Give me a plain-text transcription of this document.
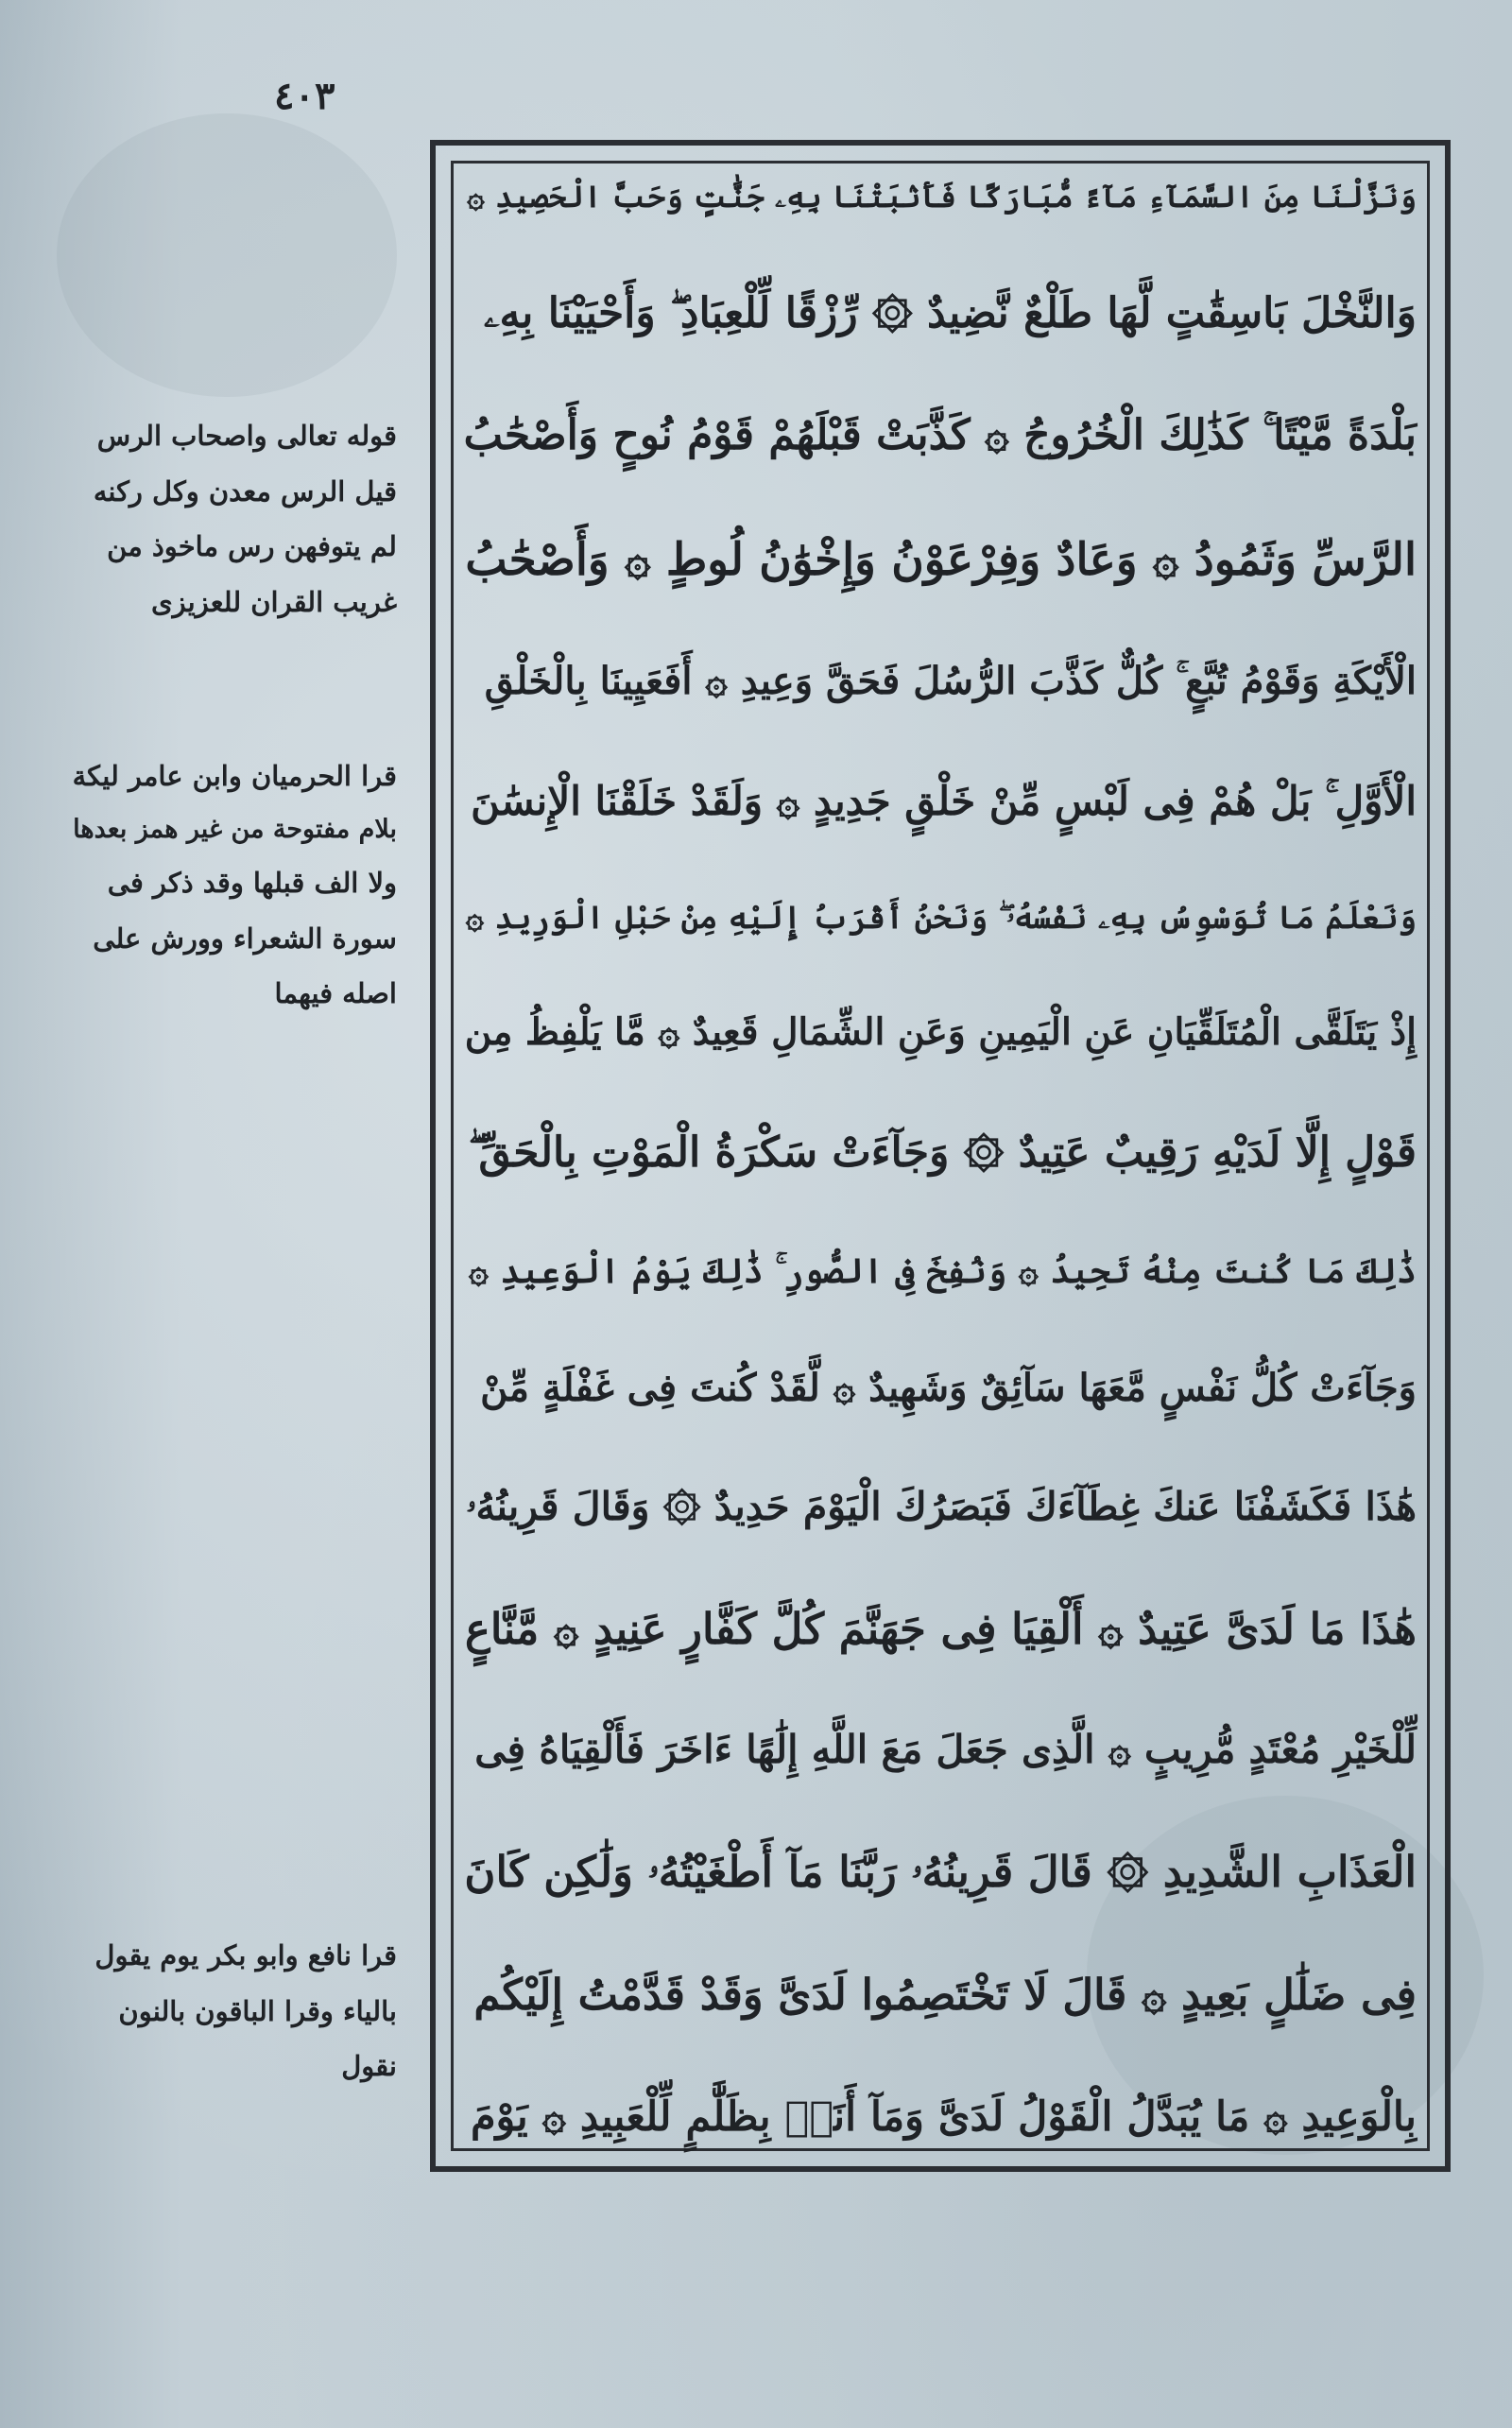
٤٠٣
وَنَزَّلْنَا مِنَ السَّمَآءِ مَآءً مُّبَارَكًا فَأَنۢبَتْنَا بِهِۦ جَنَّٰتٍ وَحَبَّ الْحَصِيدِ ۞
وَالنَّخْلَ بَاسِقَٰتٍ لَّهَا طَلْعٌ نَّضِيدٌ ۞ رِّزْقًا لِّلْعِبَادِ ۖ وَأَحْيَيْنَا بِهِۦ
بَلْدَةً مَّيْتًا ۚ كَذَٰلِكَ الْخُرُوجُ ۞ كَذَّبَتْ قَبْلَهُمْ قَوْمُ نُوحٍ وَأَصْحَٰبُ
الرَّسِّ وَثَمُودُ ۞ وَعَادٌ وَفِرْعَوْنُ وَإِخْوَٰنُ لُوطٍ ۞ وَأَصْحَٰبُ
الْأَيْكَةِ وَقَوْمُ تُبَّعٍ ۚ كُلٌّ كَذَّبَ الرُّسُلَ فَحَقَّ وَعِيدِ ۞ أَفَعَيِينَا بِالْخَلْقِ
الْأَوَّلِ ۚ بَلْ هُمْ فِى لَبْسٍ مِّنْ خَلْقٍ جَدِيدٍ ۞ وَلَقَدْ خَلَقْنَا الْإِنسَٰنَ
وَنَعْلَمُ مَا تُوَسْوِسُ بِهِۦ نَفْسُهُۥ ۖ وَنَحْنُ أَقْرَبُ إِلَيْهِ مِنْ حَبْلِ الْوَرِيدِ ۞
إِذْ يَتَلَقَّى الْمُتَلَقِّيَانِ عَنِ الْيَمِينِ وَعَنِ الشِّمَالِ قَعِيدٌ ۞ مَّا يَلْفِظُ مِن
قَوْلٍ إِلَّا لَدَيْهِ رَقِيبٌ عَتِيدٌ ۞ وَجَآءَتْ سَكْرَةُ الْمَوْتِ بِالْحَقِّ ۖ
ذَٰلِكَ مَا كُنتَ مِنْهُ تَحِيدُ ۞ وَنُفِخَ فِى الصُّورِ ۚ ذَٰلِكَ يَوْمُ الْوَعِيدِ ۞
وَجَآءَتْ كُلُّ نَفْسٍ مَّعَهَا سَآئِقٌ وَشَهِيدٌ ۞ لَّقَدْ كُنتَ فِى غَفْلَةٍ مِّنْ
هَٰذَا فَكَشَفْنَا عَنكَ غِطَآءَكَ فَبَصَرُكَ الْيَوْمَ حَدِيدٌ ۞ وَقَالَ قَرِينُهُۥ
هَٰذَا مَا لَدَىَّ عَتِيدٌ ۞ أَلْقِيَا فِى جَهَنَّمَ كُلَّ كَفَّارٍ عَنِيدٍ ۞ مَّنَّاعٍ
لِّلْخَيْرِ مُعْتَدٍ مُّرِيبٍ ۞ الَّذِى جَعَلَ مَعَ اللَّهِ إِلَٰهًا ءَاخَرَ فَأَلْقِيَاهُ فِى
الْعَذَابِ الشَّدِيدِ ۞ قَالَ قَرِينُهُۥ رَبَّنَا مَآ أَطْغَيْتُهُۥ وَلَٰكِن كَانَ
فِى ضَلَٰلٍ بَعِيدٍ ۞ قَالَ لَا تَخْتَصِمُوا لَدَىَّ وَقَدْ قَدَّمْتُ إِلَيْكُم
بِالْوَعِيدِ ۞ مَا يُبَدَّلُ الْقَوْلُ لَدَىَّ وَمَآ أَنَا۠ بِظَلَّٰمٍ لِّلْعَبِيدِ ۞ يَوْمَ
قوله تعالى واصحاب الرس
قيل الرس معدن وكل ركنه
لم يتوفهن رس ماخوذ من
غريب القران للعزيزى
قرا الحرميان وابن عامر ليكة
بلام مفتوحة من غير همز بعدها
ولا الف قبلها وقد ذكر فى
سورة الشعراء وورش على
اصله فيهما
قرا نافع وابو بكر يوم يقول
بالياء وقرا الباقون بالنون
نقول
